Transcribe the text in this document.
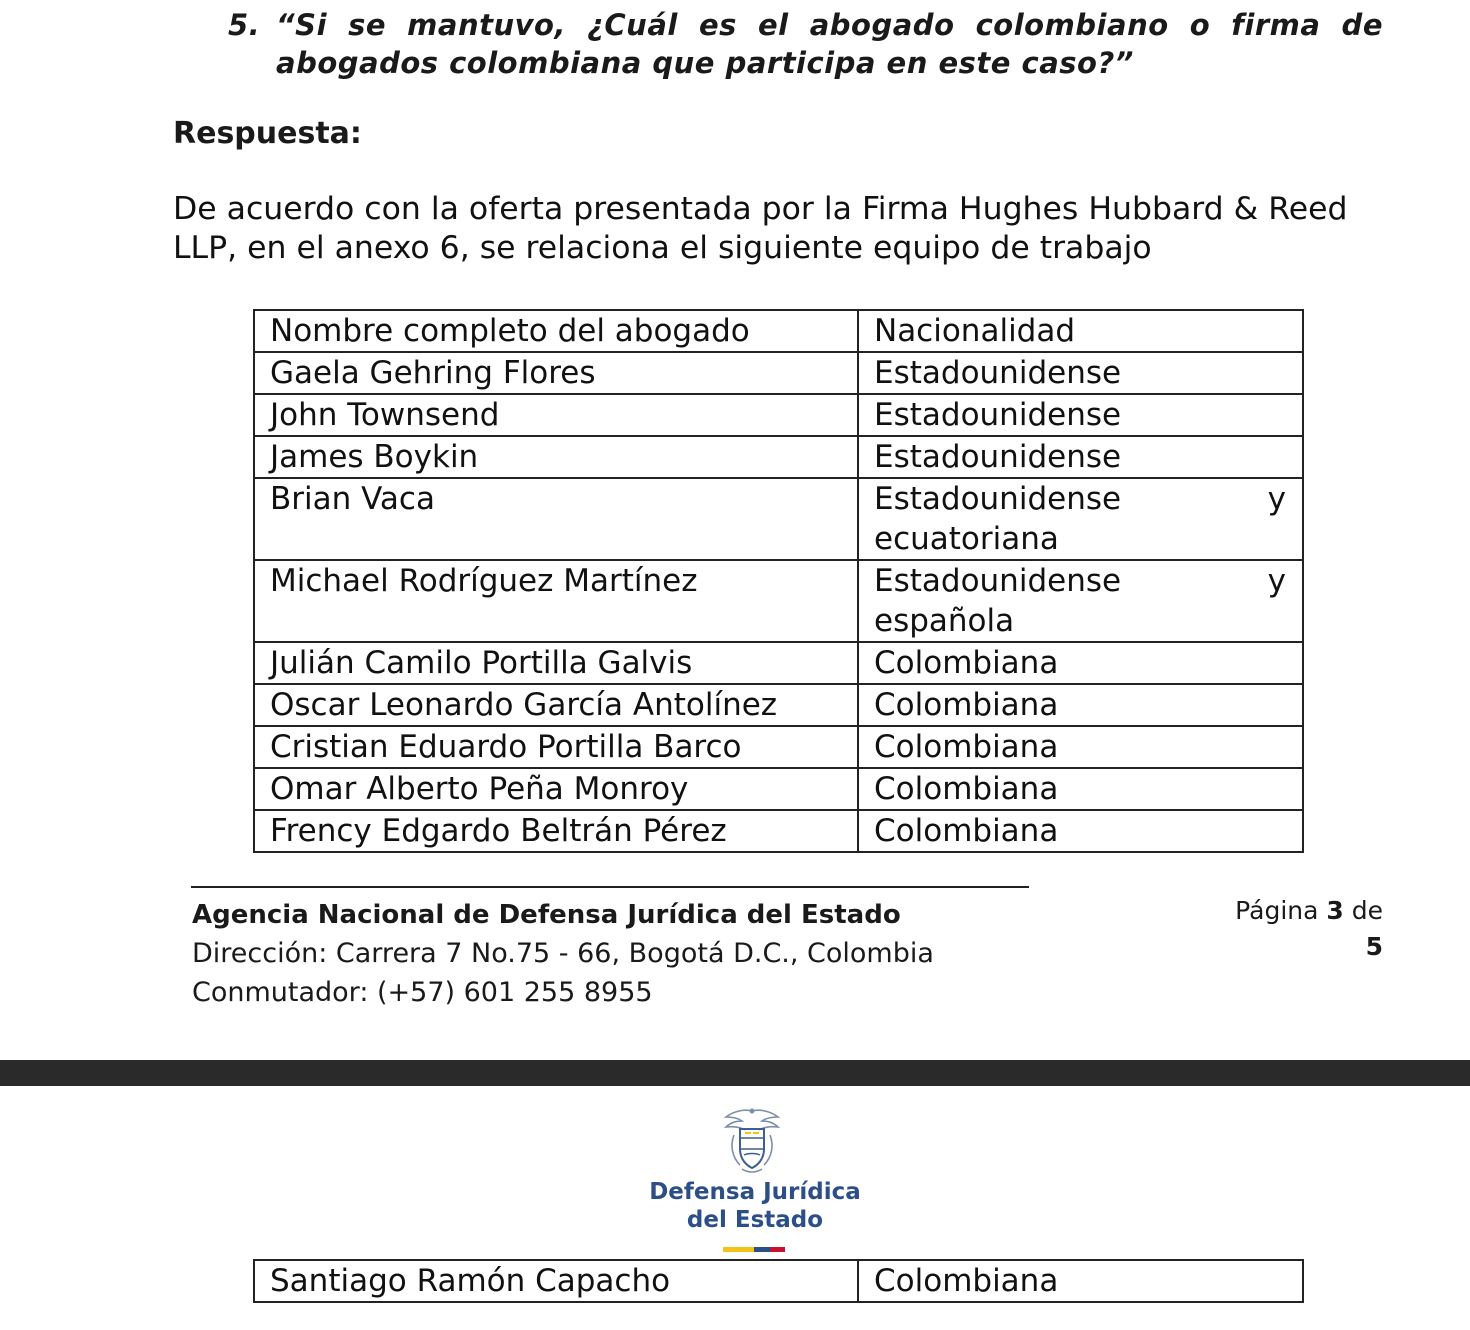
5. “Si se mantuvo, ¿Cuál es el abogado colombiano o firma de abogados colombiana que participa en este caso?”
Respuesta:
De acuerdo con la oferta presentada por la Firma Hughes Hubbard & Reed LLP, en el anexo 6, se relaciona el siguiente equipo de trabajo
Nombre completo del abogado	Nacionalidad
Gaela Gehring Flores	Estadounidense
John Townsend	Estadounidense
James Boykin	Estadounidense
Brian Vaca	Estadounidense y
ecuatoriana

Michael Rodríguez Martínez	Estadounidense y
española

Julián Camilo Portilla Galvis	Colombiana
Oscar Leonardo García Antolínez	Colombiana
Cristian Eduardo Portilla Barco	Colombiana
Omar Alberto Peña Monroy	Colombiana
Frency Edgardo Beltrán Pérez	Colombiana
Agencia Nacional de Defensa Jurídica del Estado	Página 3 de 5
Dirección: Carrera 7 No.75 - 66, Bogotá D.C., Colombia
Conmutador: (+57) 601 255 8955
Defensa Jurídica
del Estado
Santiago Ramón Capacho	Colombiana
